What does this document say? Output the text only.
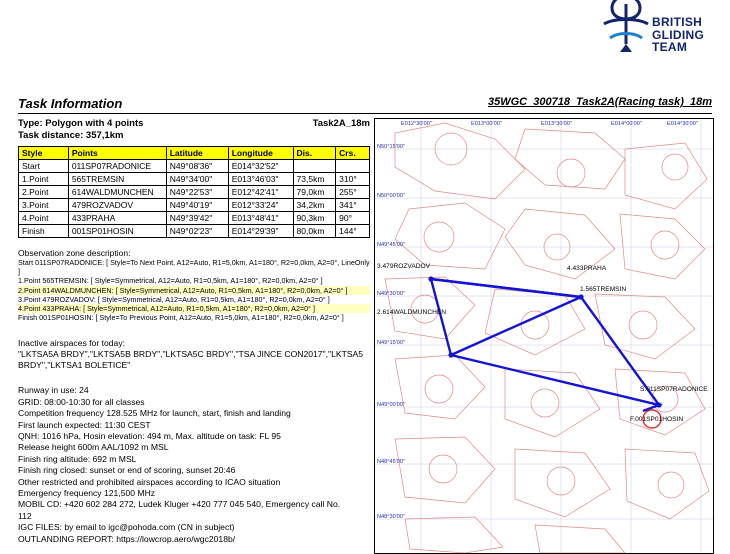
BRITISH
GLIDING
TEAM
35WGC_300718_Task2A(Racing task)_18m
Task Information
Task2A_18m
Type: Polygon with 4 points
Task distance: 357,1km
Style	Points	Latitude	Longitude	Dis.	Crs.
Start	011SP07RADONICE	N49°08'36"	E014°32'52"		
1.Point	565TREMSIN	N49°34'00"	E013°46'03"	73,5km	310°
2.Point	614WALDMUNCHEN	N49°22'53"	E012°42'41"	79,0km	255°
3.Point	479ROZVADOV	N49°40'19"	E012°33'24"	34,2km	341°
4.Point	433PRAHA	N49°39'42"	E013°48'41"	90,3km	90°
Finish	001SP01HOSIN	N49°02'23"	E014°29'39"	80,0km	144°
Observation zone description:
Start 011SP07RADONICE: [ Style=To Next Point, A12=Auto, R1=5,0km, A1=180°, R2=0,0km, A2=0°, LineOnly ]
1.Point 565TREMSIN: [ Style=Symmetrical, A12=Auto, R1=0,5km, A1=180°, R2=0,0km, A2=0° ]
2.Point 614WALDMUNCHEN: [ Style=Symmetrical, A12=Auto, R1=0,5km, A1=180°, R2=0,0km, A2=0° ]
3.Point 479ROZVADOV: [ Style=Symmetrical, A12=Auto, R1=0,5km, A1=180°, R2=0,0km, A2=0° ]
4.Point 433PRAHA: [ Style=Symmetrical, A12=Auto, R1=0,5km, A1=180°, R2=0,0km, A2=0° ]
Finish 001SP01HOSIN: [ Style=To Previous Point, A12=Auto, R1=5,0km, A1=180°, R2=0,0km, A2=0° ]
Inactive airspaces for today:
"LKTSA5A BRDY","LKTSA5B BRDY","LKTSA5C BRDY","TSA JINCE CON2017","LKTSA5
BRDY","LKTSA1 BOLETICE"
Runway in use: 24
GRID: 08:00-10:30 for all classes
Competition frequency 128.525 MHz for launch, start, finish and landing
First launch expected: 11:30 CEST
QNH: 1016 hPa, Hosin elevation: 494 m, Max. altitude on task: FL 95
Release height 600m AAL/1092 m MSL
Finish ring altitude: 692 m MSL
Finish ring closed: sunset or end of scoring, sunset 20:46
Other restricted and prohibited airspaces according to ICAO situation
Emergency frequency 121,500 MHz
MOBIL CD: +420 602 284 272, Ludek Kluger +420 777 045 540, Emergency call No.
112
IGC FILES: by email to igc@pohoda.com (CN in subject)
OUTLANDING REPORT: https://lowcrop.aero/wgc2018b/
N50°15'00"
N50°00'00"
N49°45'00"
N49°30'00"
N49°15'00"
N49°00'00"
N48°45'00"
N48°30'00"
E012°30'00"	E013°00'00"	E013°30'00"	E014°00'00"	E014°30'00"
3.479ROZVADOV	4.433PRAHA
1.565TREMSIN
2.614WALDMUNCHEN
S.011SP07RADONICE
F.001SP01HOSIN
